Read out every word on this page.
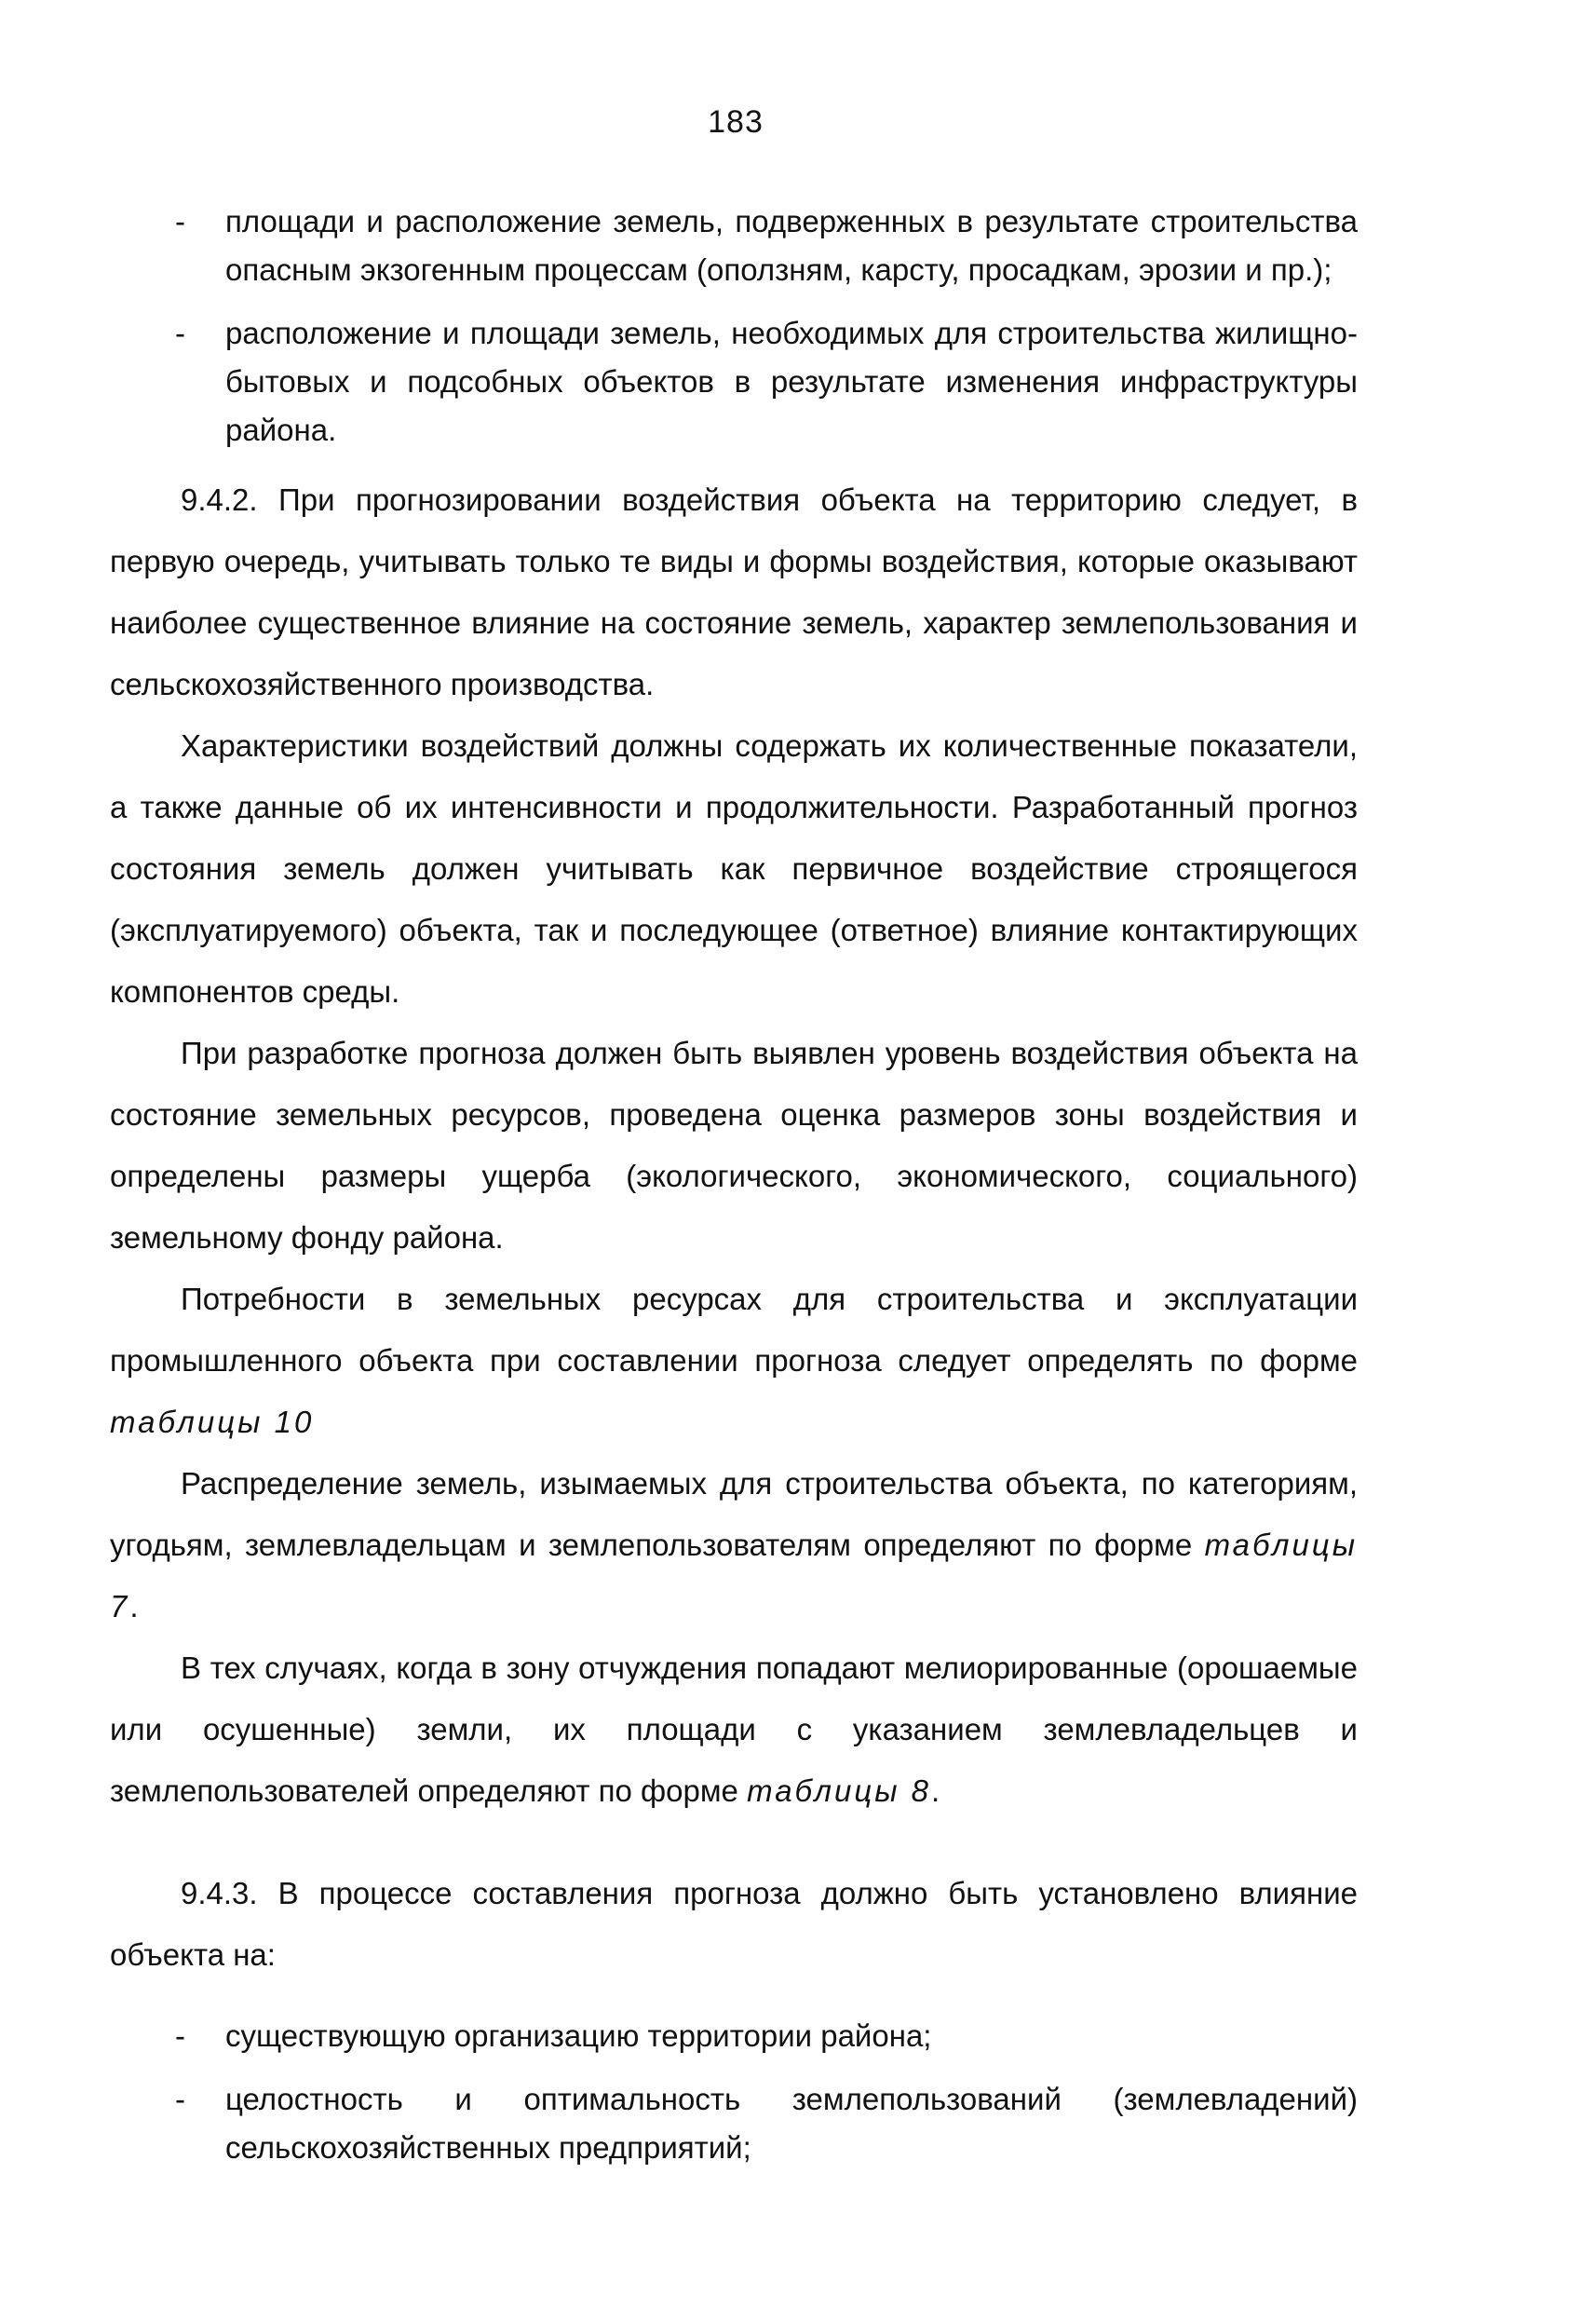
183
- площади и расположение земель, подверженных в результате строительства опасным экзогенным процессам (оползням, карсту, просадкам, эрозии и пр.);
- расположение и площади земель, необходимых для строительства жилищно-бытовых и подсобных объектов в результате изменения инфраструктуры района.

9.4.2. При прогнозировании воздействия объекта на территорию следует, в первую очередь, учитывать только те виды и формы воздействия, которые оказывают наиболее существенное влияние на состояние земель, характер землепользования и сельскохозяйственного производства.

Характеристики воздействий должны содержать их количественные показатели, а также данные об их интенсивности и продолжительности. Разработанный прогноз состояния земель должен учитывать как первичное воздействие строящегося (эксплуатируемого) объекта, так и последующее (ответное) влияние контактирующих компонентов среды.

При разработке прогноза должен быть выявлен уровень воздействия объекта на состояние земельных ресурсов, проведена оценка размеров зоны воздействия и определены размеры ущерба (экологического, экономического, социального) земельному фонду района.

Потребности в земельных ресурсах для строительства и эксплуатации промышленного объекта при составлении прогноза следует определять по форме таблицы 10

Распределение земель, изымаемых для строительства объекта, по категориям, угодьям, землевладельцам и землепользователям определяют по форме таблицы 7.

В тех случаях, когда в зону отчуждения попадают мелиорированные (орошаемые или осушенные) земли, их площади с указанием землевладельцев и землепользователей определяют по форме таблицы 8.

9.4.3. В процессе составления прогноза должно быть установлено влияние объекта на:

- существующую организацию территории района;
- целостность и оптимальность землепользований (землевладений) сельскохозяйственных предприятий;
